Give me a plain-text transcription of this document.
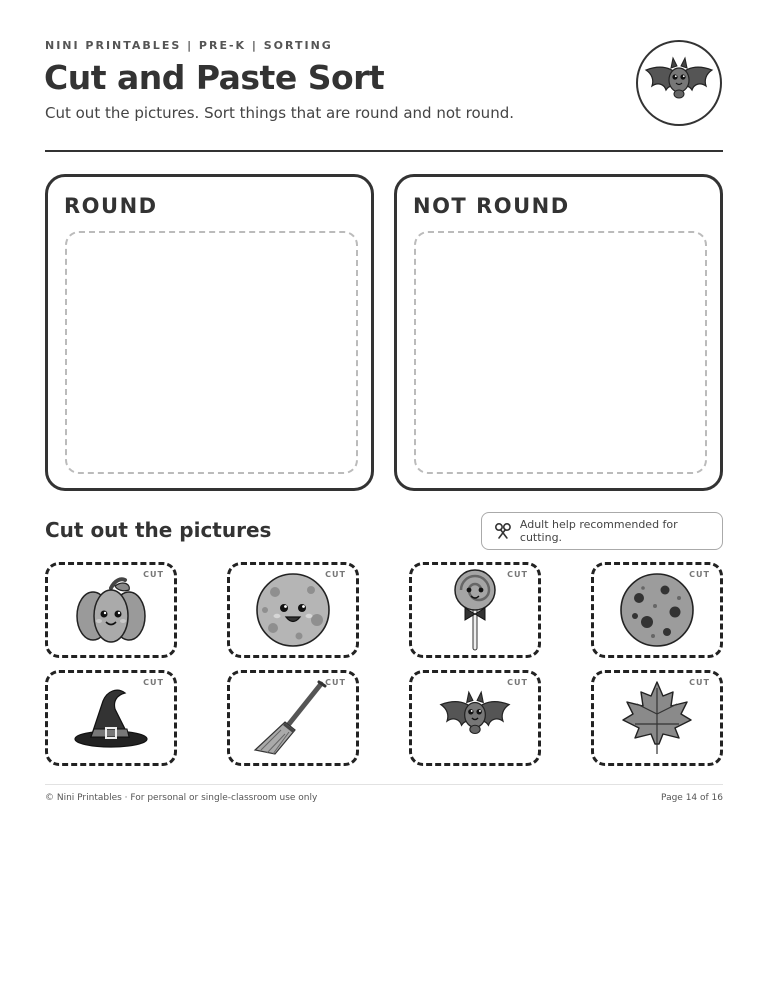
NINI PRINTABLES | PRE-K | SORTING
Cut and Paste Sort

Cut out the pictures. Sort things that are round and not round.

ROUND	NOT ROUND
Cut out the pictures	Adult help recommended for cutting.
CUT	CUT	CUT	CUT
CUT	CUT	CUT	CUT
© Nini Printables · For personal or single-classroom use only	Page 14 of 16
